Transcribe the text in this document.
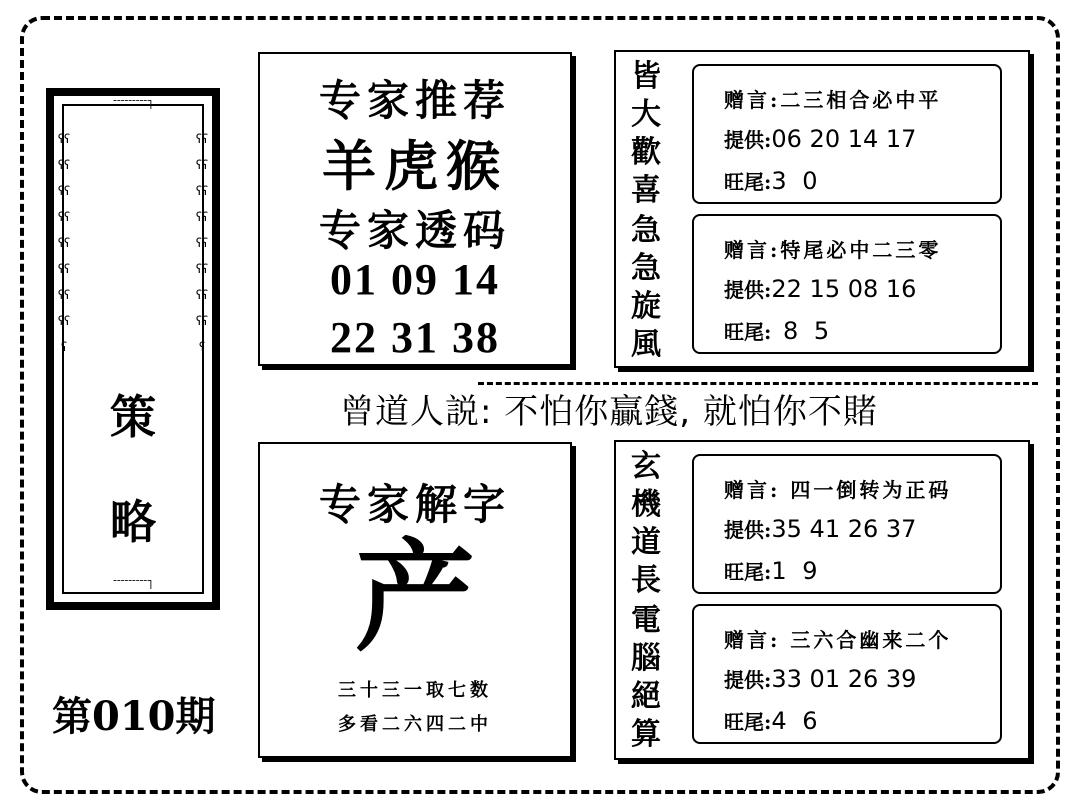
˥˥˥˥˥˥˥˥˥˥
˥˥˥˥˥˥˥˥˥˥
ʕʕʕʕʕʕʕʕʕʕʕʕʕʕʕʕʕ
ʕʕʕʕʕʕʕʕʕʕʕʕʕʕʕʕʕ
策
略
第010期
专家推荐
羊虎猴
专家透码
01 09 14
22 31 38
曾道人説: 不怕你贏錢, 就怕你不賭
专家解字
产
三十三一取七数
多看二六四二中
皆
大
歡
喜
急
急
旋
風
赠言:二三相合必中平
提供:06 20 14 17
旺尾:3 0
赠言:特尾必中二三零
提供:22 15 08 16
旺尾: 8 5
玄
機
道
長
電
腦
絕
算
赠言: 四一倒转为正码
提供:35 41 26 37
旺尾:1 9
赠言: 三六合幽来二个
提供:33 01 26 39
旺尾:4 6
